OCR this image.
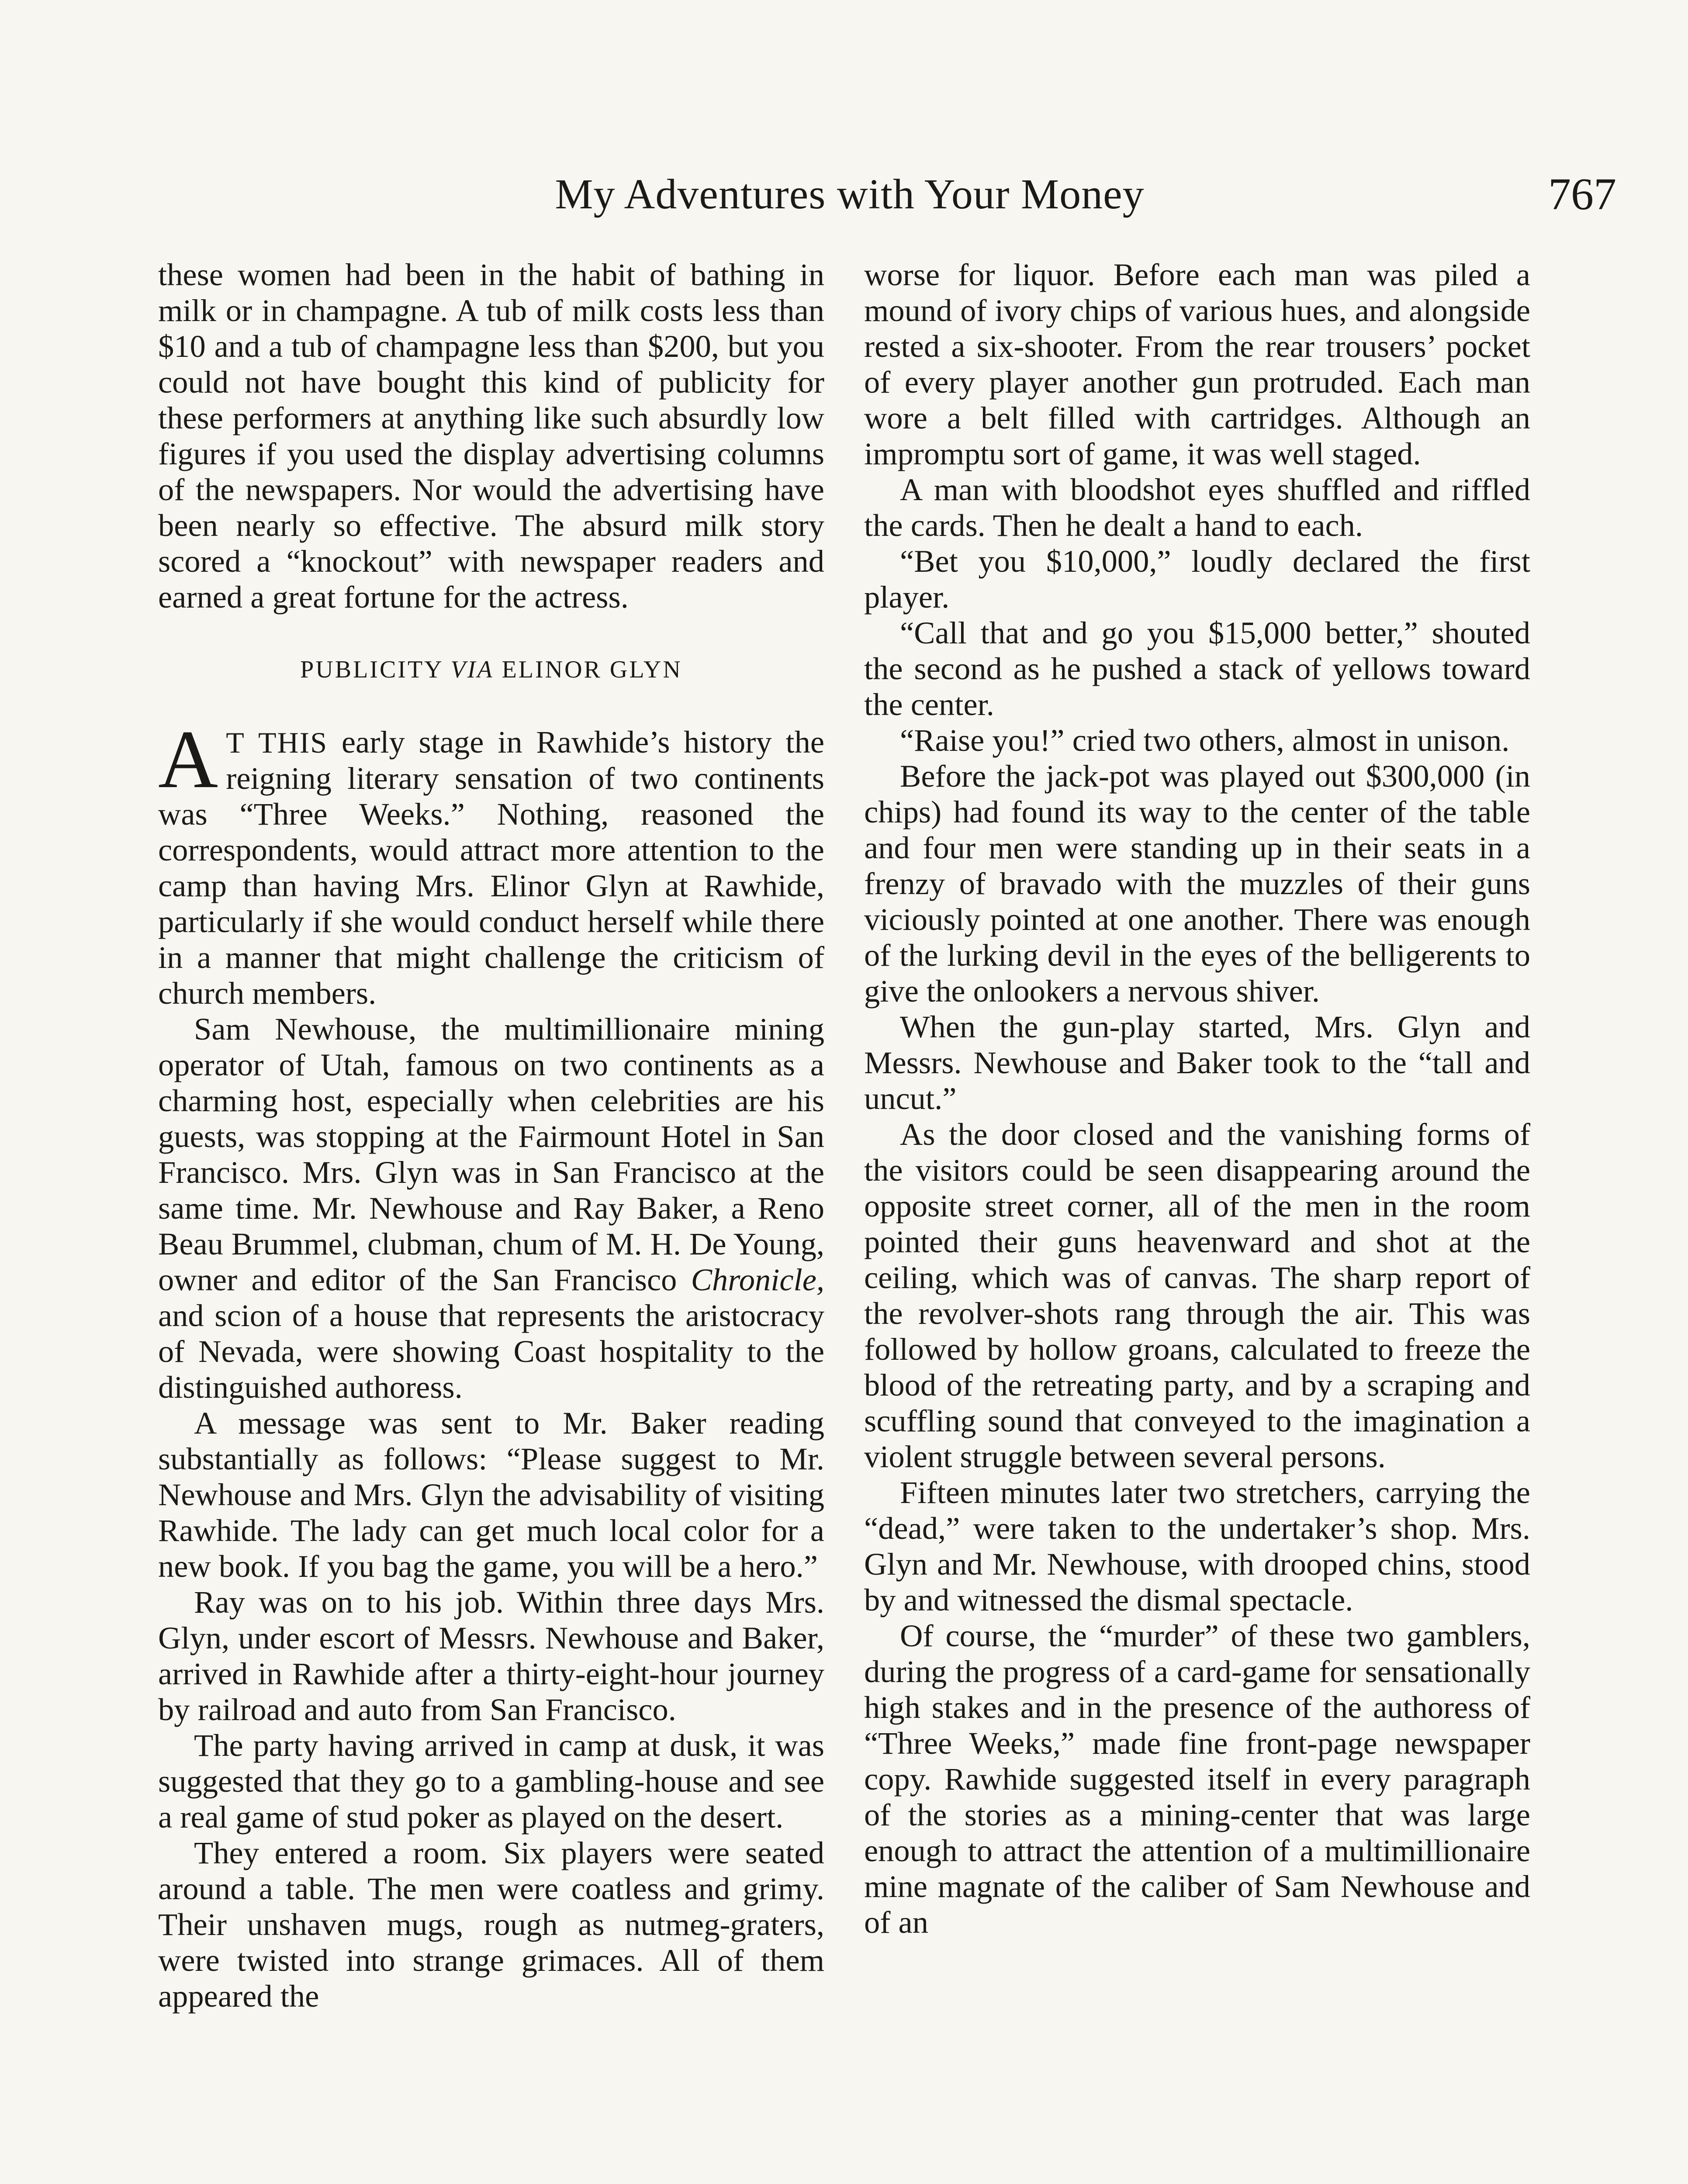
My Adventures with Your Money	767

these women had been in the habit of bathing in milk or in champagne. A tub of milk costs less than $10 and a tub of champagne less than $200, but you could not have bought this kind of publicity for these performers at anything like such absurdly low figures if you used the display advertising columns of the newspapers. Nor would the advertising have been nearly so effective. The absurd milk story scored a “knockout” with newspaper readers and earned a great fortune for the actress.

PUBLICITY VIA ELINOR GLYN

A T THIS early stage in Rawhide’s history the reigning literary sensation of two continents was “Three Weeks.” Nothing, reasoned the correspondents, would attract more attention to the camp than having Mrs. Elinor Glyn at Rawhide, particularly if she would conduct herself while there in a manner that might challenge the criticism of church members.

Sam Newhouse, the multimillionaire mining operator of Utah, famous on two continents as a charming host, especially when celebrities are his guests, was stopping at the Fairmount Hotel in San Francisco. Mrs. Glyn was in San Francisco at the same time. Mr. Newhouse and Ray Baker, a Reno Beau Brummel, clubman, chum of M. H. De Young, owner and editor of the San Francisco Chronicle, and scion of a house that represents the aristocracy of Nevada, were showing Coast hospitality to the distinguished authoress.

A message was sent to Mr. Baker reading substantially as follows: “Please suggest to Mr. Newhouse and Mrs. Glyn the advisability of visiting Rawhide. The lady can get much local color for a new book. If you bag the game, you will be a hero.”

Ray was on to his job. Within three days Mrs. Glyn, under escort of Messrs. Newhouse and Baker, arrived in Rawhide after a thirty-eight-hour journey by railroad and auto from San Francisco.

The party having arrived in camp at dusk, it was suggested that they go to a gambling-house and see a real game of stud poker as played on the desert.

They entered a room. Six players were seated around a table. The men were coatless and grimy. Their unshaven mugs, rough as nutmeg-graters, were twisted into strange grimaces. All of them appeared the

worse for liquor. Before each man was piled a mound of ivory chips of various hues, and alongside rested a six-shooter. From the rear trousers’ pocket of every player another gun protruded. Each man wore a belt filled with cartridges. Although an impromptu sort of game, it was well staged.

A man with bloodshot eyes shuffled and riffled the cards. Then he dealt a hand to each.

“Bet you $10,000,” loudly declared the first player.

“Call that and go you $15,000 better,” shouted the second as he pushed a stack of yellows toward the center.

“Raise you!” cried two others, almost in unison.

Before the jack-pot was played out $300,000 (in chips) had found its way to the center of the table and four men were standing up in their seats in a frenzy of bravado with the muzzles of their guns viciously pointed at one another. There was enough of the lurking devil in the eyes of the belligerents to give the onlookers a nervous shiver.

When the gun-play started, Mrs. Glyn and Messrs. Newhouse and Baker took to the “tall and uncut.”

As the door closed and the vanishing forms of the visitors could be seen disappearing around the opposite street corner, all of the men in the room pointed their guns heavenward and shot at the ceiling, which was of canvas. The sharp report of the revolver-shots rang through the air. This was followed by hollow groans, calculated to freeze the blood of the retreating party, and by a scraping and scuffling sound that conveyed to the imagination a violent struggle between several persons.

Fifteen minutes later two stretchers, carrying the “dead,” were taken to the undertaker’s shop. Mrs. Glyn and Mr. Newhouse, with drooped chins, stood by and witnessed the dismal spectacle.

Of course, the “murder” of these two gamblers, during the progress of a card-game for sensationally high stakes and in the presence of the authoress of “Three Weeks,” made fine front-page newspaper copy. Rawhide suggested itself in every paragraph of the stories as a mining-center that was large enough to attract the attention of a multimillionaire mine magnate of the caliber of Sam Newhouse and of an
